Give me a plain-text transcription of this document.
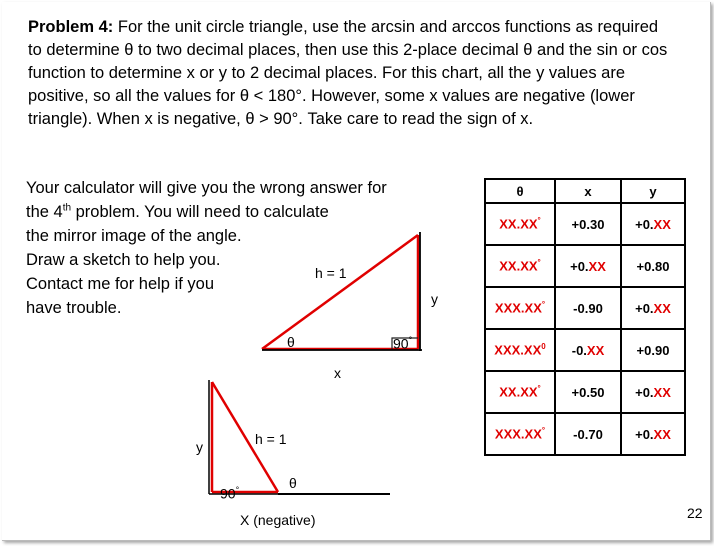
Problem 4: For the unit circle triangle, use the arcsin and arccos functions as required to determine θ to two decimal places, then use this 2-place decimal θ and the sin or cos function to determine x or y to 2 decimal places. For this chart, all the y values are positive, so all the values for θ < 180°. However, some x values are negative (lower triangle). When x is negative, θ > 90°. Take care to read the sign of x.
Your calculator will give you the wrong answer for
the 4th problem. You will need to calculate
the mirror image of the angle.
Draw a sketch to help you.
Contact me for help if you
have trouble.
h = 1
y
x
θ	90°
h = 1
y
X (negative)
θ
90°
θ	x	y
XX.XX°	+0.30	+0.XX
XX.XX°	+0.XX	+0.80
XXX.XX°	-0.90	+0.XX
$XXX.XX^0$	-0.XX	+0.90
XX.XX°	+0.50	+0.XX
XXX.XX°	-0.70	+0.XX
22
